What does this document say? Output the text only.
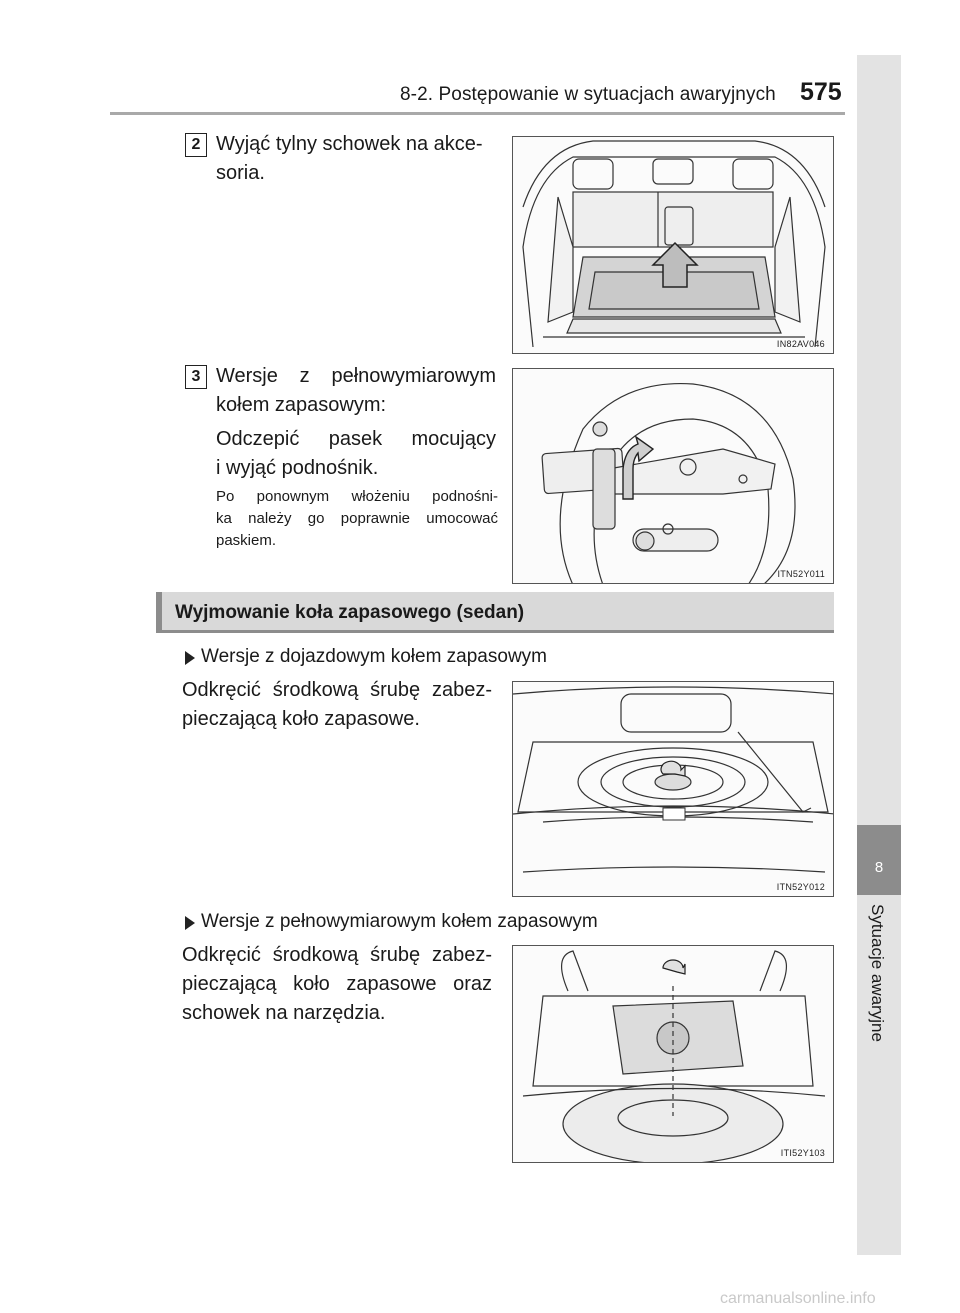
8-2. Postępowanie w sytuacjach awaryjnych 575
8
Sytuacje awaryjne
2 Wyjąć tylny schowek na akce-
soria.
IN82AV046
3 Wersje z pełnowymiarowym
kołem zapasowym:
Odczepić pasek mocujący
i wyjąć podnośnik.
Po ponownym włożeniu podnośni-
ka należy go poprawnie umocować
paskiem.
ITN52Y011
Wyjmowanie koła zapasowego (sedan)
Wersje z dojazdowym kołem zapasowym
Odkręcić środkową śrubę zabez-
pieczającą koło zapasowe.
ITN52Y012
Wersje z pełnowymiarowym kołem zapasowym
Odkręcić środkową śrubę zabez-
pieczającą koło zapasowe oraz
schowek na narzędzia.
ITI52Y103
carmanualsonline.info
